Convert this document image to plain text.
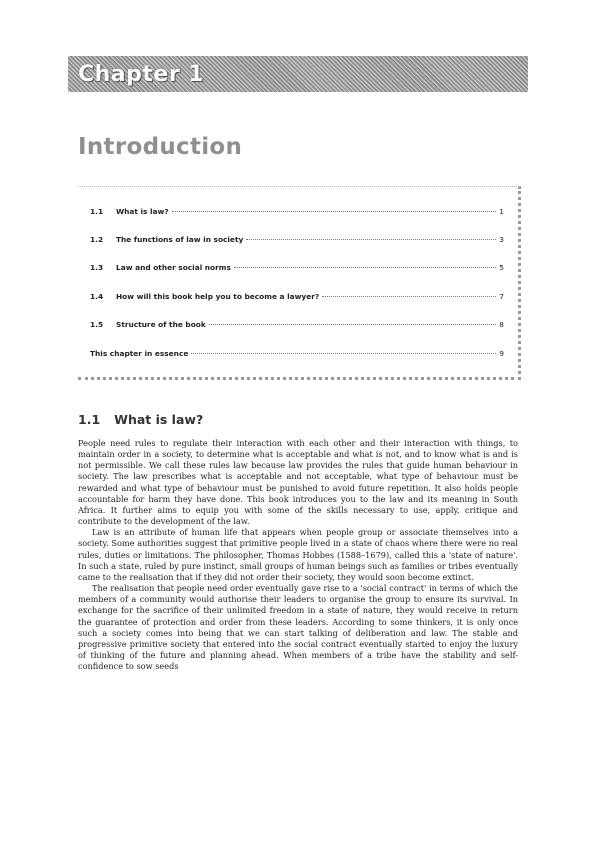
Chapter 1
Introduction
1.1	What is law?	1
1.2	The functions of law in society	3
1.3	Law and other social norms	5
1.4	How will this book help you to become a lawyer?	7
1.5	Structure of the book	8
This chapter in essence	9
1.1 What is law?

People need rules to regulate their interaction with each other and their interaction with things, to maintain order in a society, to determine what is acceptable and what is not, and to know what is and is not permissible. We call these rules law because law provides the rules that guide human behaviour in society. The law prescribes what is acceptable and not acceptable, what type of behaviour must be rewarded and what type of behaviour must be punished to avoid future repetition. It also holds people accountable for harm they have done. This book introduces you to the law and its meaning in South Africa. It further aims to equip you with some of the skills necessary to use, apply, critique and contribute to the development of the law.

Law is an attribute of human life that appears when people group or associate themselves into a society. Some authorities suggest that primitive people lived in a state of chaos where there were no real rules, duties or limitations. The philosopher, Thomas Hobbes (1588–1679), called this a 'state of nature'. In such a state, ruled by pure instinct, small groups of human beings such as families or tribes eventually came to the realisation that if they did not order their society, they would soon become extinct.

The realisation that people need order eventually gave rise to a 'social contract' in terms of which the members of a community would authorise their leaders to organise the group to ensure its survival. In exchange for the sacrifice of their unlimited freedom in a state of nature, they would receive in return the guarantee of protection and order from these leaders. According to some thinkers, it is only once such a society comes into being that we can start talking of deliberation and law. The stable and progressive primitive society that entered into the social contract eventually started to enjoy the luxury of thinking of the future and planning ahead. When members of a tribe have the stability and self-confidence to sow seeds
